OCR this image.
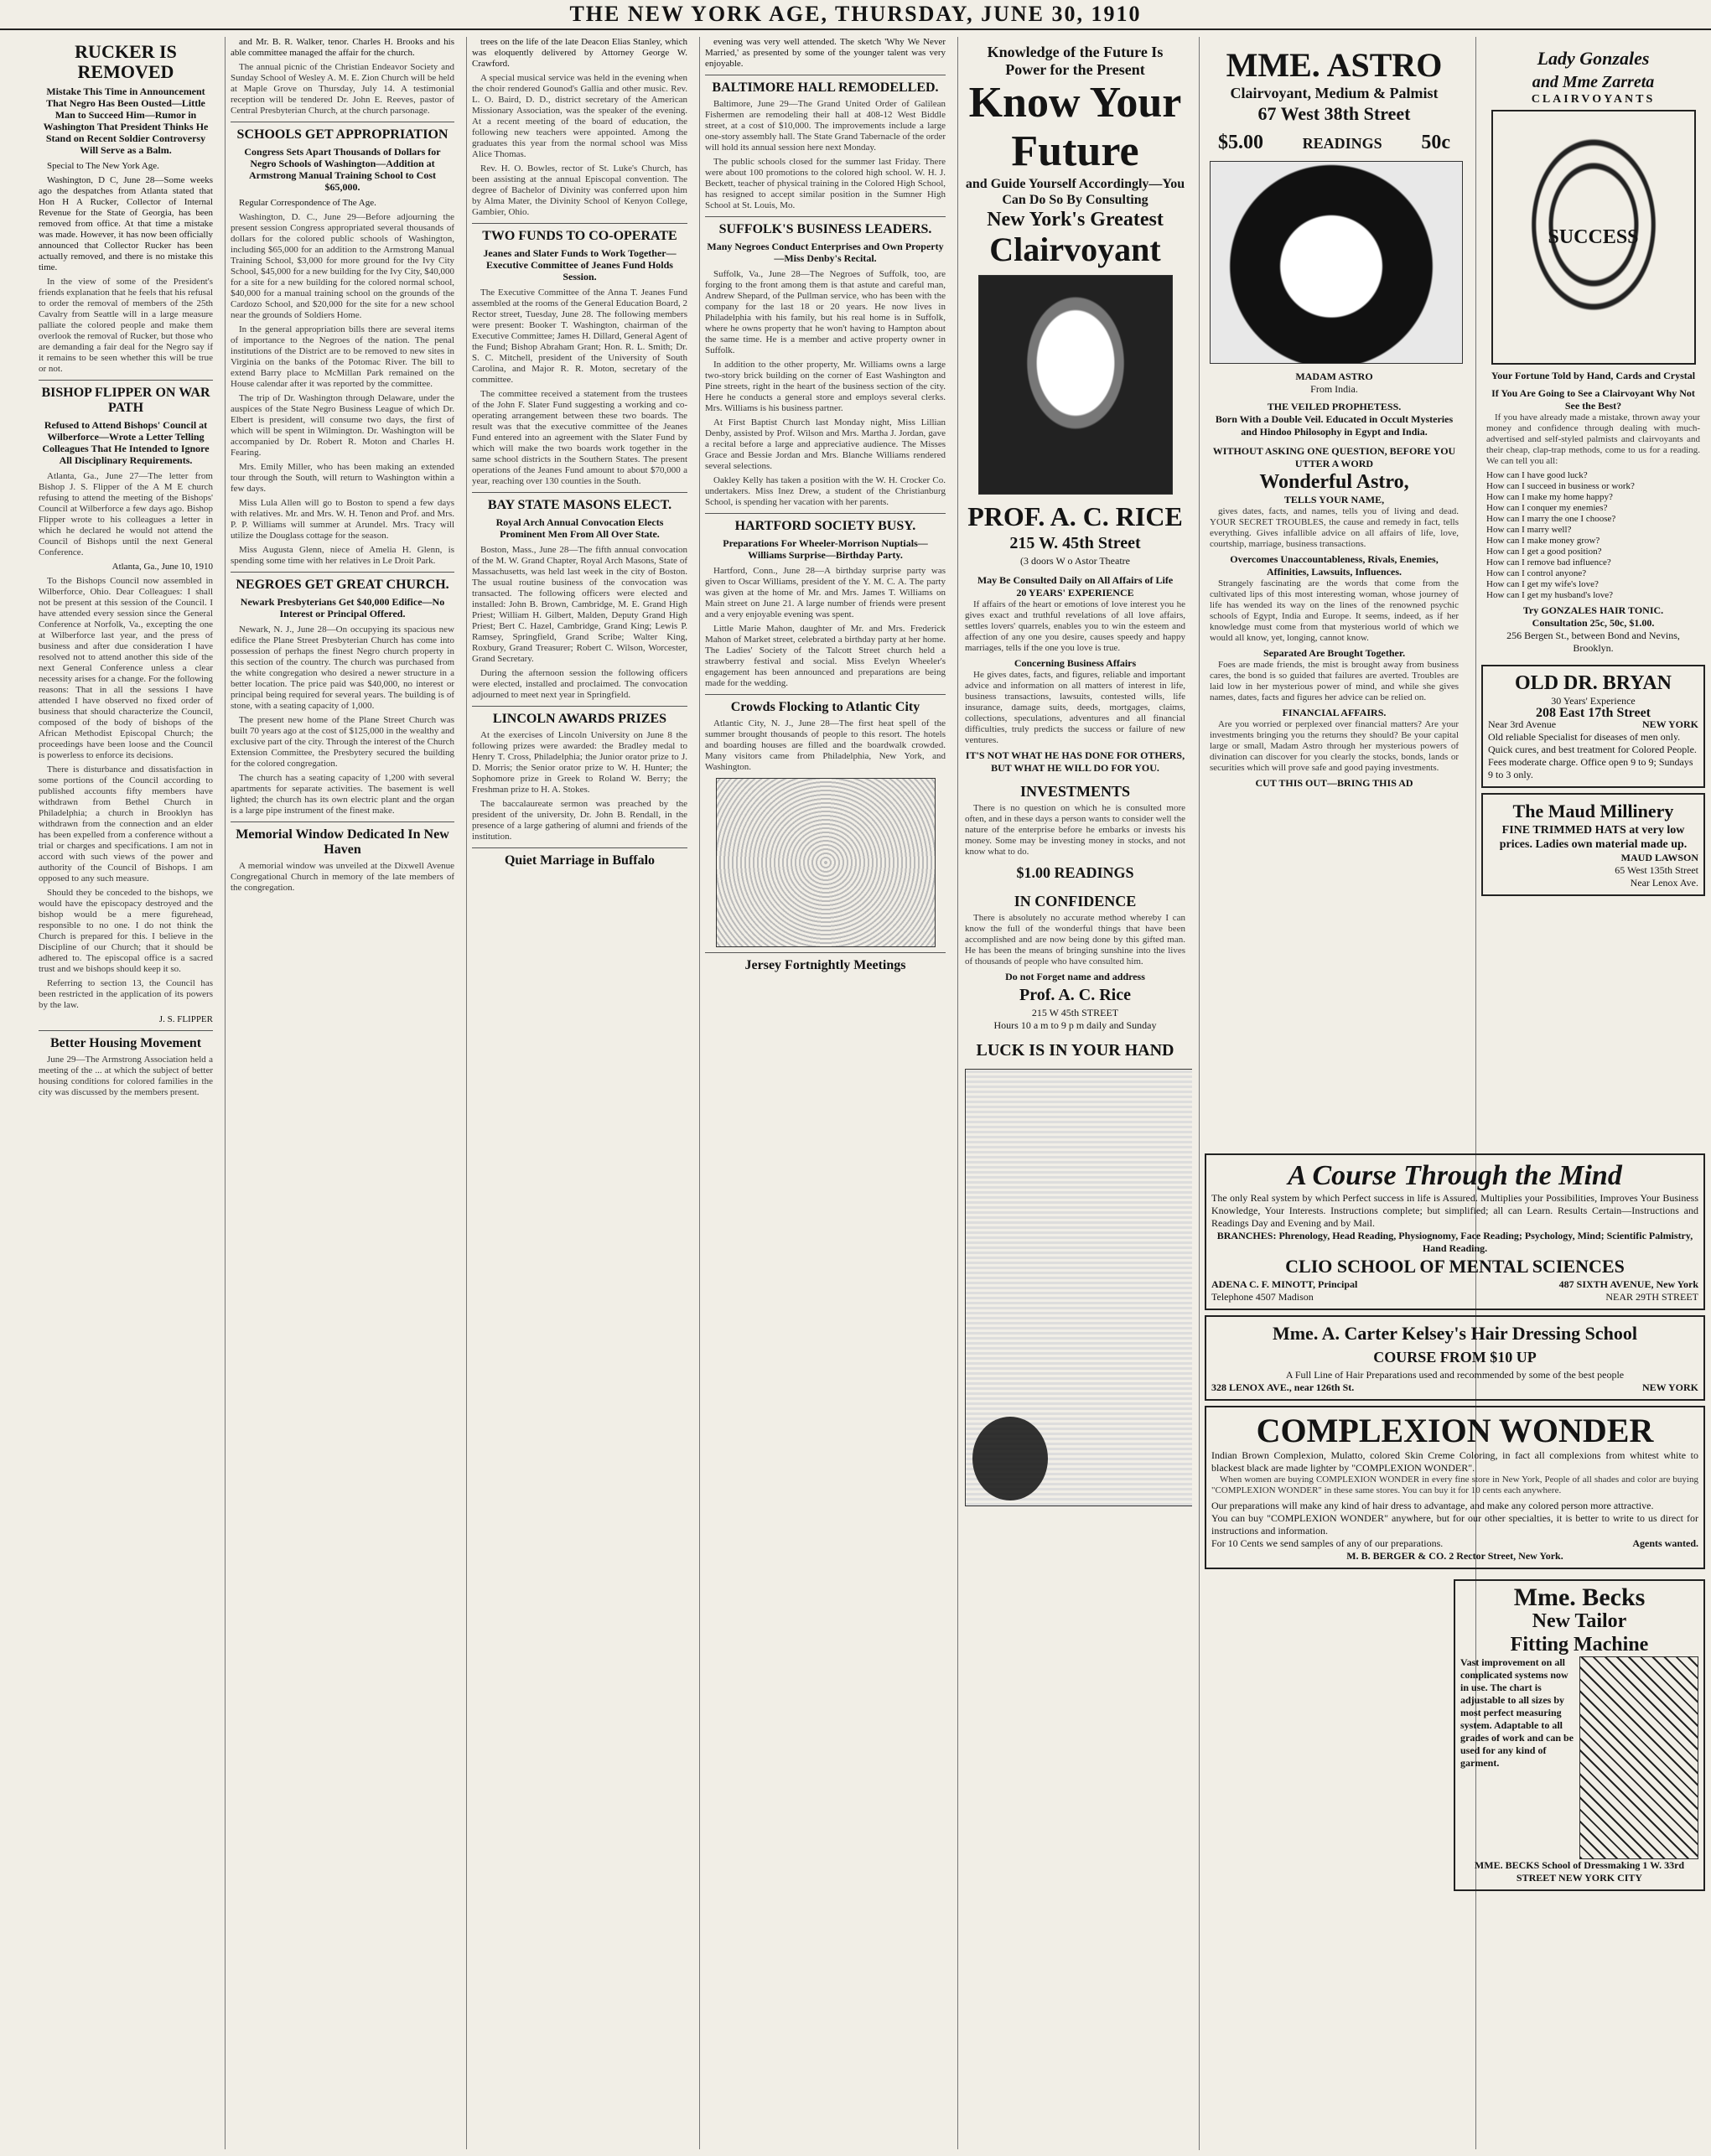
THE NEW YORK AGE, THURSDAY, JUNE 30, 1910
RUCKER IS REMOVED
Mistake This Time in Announcement That Negro Has Been Ousted—Little Man to Succeed Him—Rumor in Washington That President Thinks He Stand on Recent Soldier Controversy Will Serve as a Balm.
Special to The New York Age.
Washington, D C, June 28—Some weeks ago the despatches from Atlanta stated that Hon H A Rucker, Collector of Internal Revenue for the State of Georgia, has been removed from office. At that time a mistake was made. However, it has now been officially announced that Collector Rucker has been actually removed, and there is no mistake this time.
In the view of some of the President's friends explanation that he feels that his refusal to order the removal of members of the 25th Cavalry from Seattle will in a large measure palliate the colored people and make them overlook the removal of Rucker, but those who are demanding a fair deal for the Negro say if it remains to be seen whether this will be true or not.
BISHOP FLIPPER ON WAR PATH
Refused to Attend Bishops' Council at Wilberforce—Wrote a Letter Telling Colleagues That He Intended to Ignore All Disciplinary Requirements.
Atlanta, Ga., June 27—The letter from Bishop J. S. Flipper of the A M E church refusing to attend the meeting of the Bishops' Council at Wilberforce a few days ago. Bishop Flipper wrote to his colleagues a letter in which he declared he would not attend the Council of Bishops until the next General Conference.
Atlanta, Ga., June 10, 1910
To the Bishops Council now assembled in Wilberforce, Ohio. Dear Colleagues: I shall not be present at this session of the Council. I have attended every session since the General Conference at Norfolk, Va., excepting the one at Wilberforce last year, and the press of business and after due consideration I have resolved not to attend another this side of the next General Conference unless a clear necessity arises for a change. For the following reasons: That in all the sessions I have attended I have observed no fixed order of business that should characterize the Council, composed of the body of bishops of the African Methodist Episcopal Church; the proceedings have been loose and the Council is powerless to enforce its decisions.
There is disturbance and dissatisfaction in some portions of the Council according to published accounts fifty members have withdrawn from Bethel Church in Philadelphia; a church in Brooklyn has withdrawn from the connection and an elder has been expelled from a conference without a trial or charges and specifications. I am not in accord with such views of the power and authority of the Council of Bishops. I am opposed to any such measure.
Should they be conceded to the bishops, we would have the episcopacy destroyed and the bishop would be a mere figurehead, responsible to no one. I do not think the Church is prepared for this. I believe in the Discipline of our Church; that it should be adhered to. The episcopal office is a sacred trust and we bishops should keep it so.
Referring to section 13, the Council has been restricted in the application of its powers by the law.
J. S. FLIPPER
Better Housing Movement
June 29—The Armstrong Association held a meeting of the ... at which the subject of better housing conditions for colored families in the city was discussed by the members present.
and Mr. B. R. Walker, tenor. Charles H. Brooks and his able committee managed the affair for the church.
The annual picnic of the Christian Endeavor Society and Sunday School of Wesley A. M. E. Zion Church will be held at Maple Grove on Thursday, July 14. A testimonial reception will be tendered Dr. John E. Reeves, pastor of Central Presbyterian Church, at the church parsonage.
SCHOOLS GET APPROPRIATION
Congress Sets Apart Thousands of Dollars for Negro Schools of Washington—Addition at Armstrong Manual Training School to Cost $65,000.
Regular Correspondence of The Age.
Washington, D. C., June 29—Before adjourning the present session Congress appropriated several thousands of dollars for the colored public schools of Washington, including $65,000 for an addition to the Armstrong Manual Training School, $3,000 for more ground for the Ivy City School, $45,000 for a new building for the Ivy City, $40,000 for a site for a new building for the colored normal school, $40,000 for a manual training school on the grounds of the Cardozo School, and $20,000 for the site for a new school near the grounds of Soldiers Home.
In the general appropriation bills there are several items of importance to the Negroes of the nation. The penal institutions of the District are to be removed to new sites in Virginia on the banks of the Potomac River. The bill to extend Barry place to McMillan Park remained on the House calendar after it was reported by the committee.
The trip of Dr. Washington through Delaware, under the auspices of the State Negro Business League of which Dr. Elbert is president, will consume two days, the first of which will be spent in Wilmington. Dr. Washington will be accompanied by Dr. Robert R. Moton and Charles H. Fearing.
Mrs. Emily Miller, who has been making an extended tour through the South, will return to Washington within a few days.
Miss Lula Allen will go to Boston to spend a few days with relatives. Mr. and Mrs. W. H. Tenon and Prof. and Mrs. P. P. Williams will summer at Arundel. Mrs. Tracy will utilize the Douglass cottage for the season.
Miss Augusta Glenn, niece of Amelia H. Glenn, is spending some time with her relatives in Le Droit Park.
NEGROES GET GREAT CHURCH.
Newark Presbyterians Get $40,000 Edifice—No Interest or Principal Offered.
Newark, N. J., June 28—On occupying its spacious new edifice the Plane Street Presbyterian Church has come into possession of perhaps the finest Negro church property in this section of the country. The church was purchased from the white congregation who desired a newer structure in a better location. The price paid was $40,000, no interest or principal being required for several years. The building is of stone, with a seating capacity of 1,000.
The present new home of the Plane Street Church was built 70 years ago at the cost of $125,000 in the wealthy and exclusive part of the city. Through the interest of the Church Extension Committee, the Presbytery secured the building for the colored congregation.
The church has a seating capacity of 1,200 with several apartments for separate activities. The basement is well lighted; the church has its own electric plant and the organ is a large pipe instrument of the finest make.
Memorial Window Dedicated In New Haven
A memorial window was unveiled at the Dixwell Avenue Congregational Church in memory of the late members of the congregation.
trees on the life of the late Deacon Elias Stanley, which was eloquently delivered by Attorney George W. Crawford.
A special musical service was held in the evening when the choir rendered Gounod's Gallia and other music. Rev. L. O. Baird, D. D., district secretary of the American Missionary Association, was the speaker of the evening. At a recent meeting of the board of education, the following new teachers were appointed. Among the graduates this year from the normal school was Miss Alice Thomas.
Rev. H. O. Bowles, rector of St. Luke's Church, has been assisting at the annual Episcopal convention. The degree of Bachelor of Divinity was conferred upon him by Alma Mater, the Divinity School of Kenyon College, Gambier, Ohio.
TWO FUNDS TO CO-OPERATE
Jeanes and Slater Funds to Work Together—Executive Committee of Jeanes Fund Holds Session.
The Executive Committee of the Anna T. Jeanes Fund assembled at the rooms of the General Education Board, 2 Rector street, Tuesday, June 28. The following members were present: Booker T. Washington, chairman of the Executive Committee; James H. Dillard, General Agent of the Fund; Bishop Abraham Grant; Hon. R. L. Smith; Dr. S. C. Mitchell, president of the University of South Carolina, and Major R. R. Moton, secretary of the committee.
The committee received a statement from the trustees of the John F. Slater Fund suggesting a working and co-operating arrangement between these two boards. The result was that the executive committee of the Jeanes Fund entered into an agreement with the Slater Fund by which will make the two boards work together in the same school districts in the Southern States. The present operations of the Jeanes Fund amount to about $70,000 a year, reaching over 130 counties in the South.
BAY STATE MASONS ELECT.
Royal Arch Annual Convocation Elects Prominent Men From All Over State.
Boston, Mass., June 28—The fifth annual convocation of the M. W. Grand Chapter, Royal Arch Masons, State of Massachusetts, was held last week in the city of Boston. The usual routine business of the convocation was transacted. The following officers were elected and installed: John B. Brown, Cambridge, M. E. Grand High Priest; William H. Gilbert, Malden, Deputy Grand High Priest; Bert C. Hazel, Cambridge, Grand King; Lewis P. Ramsey, Springfield, Grand Scribe; Walter King, Roxbury, Grand Treasurer; Robert C. Wilson, Worcester, Grand Secretary.
During the afternoon session the following officers were elected, installed and proclaimed. The convocation adjourned to meet next year in Springfield.
LINCOLN AWARDS PRIZES
At the exercises of Lincoln University on June 8 the following prizes were awarded: the Bradley medal to Henry T. Cross, Philadelphia; the Junior orator prize to J. D. Morris; the Senior orator prize to W. H. Hunter; the Sophomore prize in Greek to Roland W. Berry; the Freshman prize to H. A. Stokes.
The baccalaureate sermon was preached by the president of the university, Dr. John B. Rendall, in the presence of a large gathering of alumni and friends of the institution.
Quiet Marriage in Buffalo
evening was very well attended. The sketch 'Why We Never Married,' as presented by some of the younger talent was very enjoyable.
BALTIMORE HALL REMODELLED.
Baltimore, June 29—The Grand United Order of Galilean Fishermen are remodeling their hall at 408-12 West Biddle street, at a cost of $10,000. The improvements include a large one-story assembly hall. The State Grand Tabernacle of the order will hold its annual session here next Monday.
The public schools closed for the summer last Friday. There were about 100 promotions to the colored high school. W. H. J. Beckett, teacher of physical training in the Colored High School, has resigned to accept similar position in the Sumner High School at St. Louis, Mo.
SUFFOLK'S BUSINESS LEADERS.
Many Negroes Conduct Enterprises and Own Property—Miss Denby's Recital.
Suffolk, Va., June 28—The Negroes of Suffolk, too, are forging to the front among them is that astute and careful man, Andrew Shepard, of the Pullman service, who has been with the company for the last 18 or 20 years. He now lives in Philadelphia with his family, but his real home is in Suffolk, where he owns property that he won't having to Hampton about the same time. He is a member and active property owner in Suffolk.
In addition to the other property, Mr. Williams owns a large two-story brick building on the corner of East Washington and Pine streets, right in the heart of the business section of the city. Here he conducts a general store and employs several clerks. Mrs. Williams is his business partner.
At First Baptist Church last Monday night, Miss Lillian Denby, assisted by Prof. Wilson and Mrs. Martha J. Jordan, gave a recital before a large and appreciative audience. The Misses Grace and Bessie Jordan and Mrs. Blanche Williams rendered several selections.
Oakley Kelly has taken a position with the W. H. Crocker Co. undertakers. Miss Inez Drew, a student of the Christianburg School, is spending her vacation with her parents.
HARTFORD SOCIETY BUSY.
Preparations For Wheeler-Morrison Nuptials—Williams Surprise—Birthday Party.
Hartford, Conn., June 28—A birthday surprise party was given to Oscar Williams, president of the Y. M. C. A. The party was given at the home of Mr. and Mrs. James T. Williams on Main street on June 21. A large number of friends were present and a very enjoyable evening was spent.
Little Marie Mahon, daughter of Mr. and Mrs. Frederick Mahon of Market street, celebrated a birthday party at her home. The Ladies' Society of the Talcott Street church held a strawberry festival and social. Miss Evelyn Wheeler's engagement has been announced and preparations are being made for the wedding.
Crowds Flocking to Atlantic City
Atlantic City, N. J., June 28—The first heat spell of the summer brought thousands of people to this resort. The hotels and boarding houses are filled and the boardwalk crowded. Many visitors came from Philadelphia, New York, and Washington.
Jersey Fortnightly Meetings
Knowledge of the Future Is Power for the Present
Know Your
Future
and Guide Yourself Accordingly—You Can Do So By Consulting
New York's Greatest
Clairvoyant
PROF. A. C. RICE
215 W. 45th Street
(3 doors W o Astor Theatre
May Be Consulted Daily on All Affairs of Life
20 YEARS' EXPERIENCE
If affairs of the heart or emotions of love interest you he gives exact and truthful revelations of all love affairs, settles lovers' quarrels, enables you to win the esteem and affection of any one you desire, causes speedy and happy marriages, tells if the one you love is true.
Concerning Business Affairs
He gives dates, facts, and figures, reliable and important advice and information on all matters of interest in life, business transactions, lawsuits, contested wills, life insurance, damage suits, deeds, mortgages, claims, collections, speculations, adventures and all financial difficulties, truly predicts the success or failure of new ventures.
IT'S NOT WHAT HE HAS DONE FOR OTHERS, BUT WHAT HE WILL DO FOR YOU.
INVESTMENTS
There is no question on which he is consulted more often, and in these days a person wants to consider well the nature of the enterprise before he embarks or invests his money. Some may be investing money in stocks, and not know what to do.
$1.00 READINGS
IN CONFIDENCE
There is absolutely no accurate method whereby I can know the full of the wonderful things that have been accomplished and are now being done by this gifted man. He has been the means of bringing sunshine into the lives of thousands of people who have consulted him.
Do not Forget name and address
Prof. A. C. Rice
215 W 45th STREET
Hours 10 a m to 9 p m daily and Sunday
LUCK IS IN YOUR HAND
MME. ASTRO
Clairvoyant, Medium & Palmist
67 West 38th Street
$5.00	READINGS 50c
MADAM ASTRO
From India.
THE VEILED PROPHETESS.
Born With a Double Veil. Educated in Occult Mysteries and Hindoo Philosophy in Egypt and India.
WITHOUT ASKING ONE QUESTION, BEFORE YOU UTTER A WORD
Wonderful Astro,
TELLS YOUR NAME,
gives dates, facts, and names, tells you of living and dead. YOUR SECRET TROUBLES, the cause and remedy in fact, tells everything. Gives infallible advice on all affairs of life, love, courtship, marriage, business transactions.
Overcomes Unaccountableness, Rivals, Enemies, Affinities, Lawsuits, Influences.
Strangely fascinating are the words that come from the cultivated lips of this most interesting woman, whose journey of life has wended its way on the lines of the renowned psychic schools of Egypt, India and Europe. It seems, indeed, as if her knowledge must come from that mysterious world of which we would all know, yet, longing, cannot know.
Separated Are Brought Together.
Foes are made friends, the mist is brought away from business cares, the bond is so guided that failures are averted. Troubles are laid low in her mysterious power of mind, and while she gives names, dates, facts and figures her advice can be relied on.
FINANCIAL AFFAIRS.
Are you worried or perplexed over financial matters? Are your investments bringing you the returns they should? Be your capital large or small, Madam Astro through her mysterious powers of divination can discover for you clearly the stocks, bonds, lands or securities which will prove safe and good paying investments.
CUT THIS OUT—BRING THIS AD
Lady Gonzales
and Mme Zarreta
CLAIRVOYANTS
SUCCESS
Your Fortune Told by Hand, Cards and Crystal
If You Are Going to See a Clairvoyant Why Not See the Best?
If you have already made a mistake, thrown away your money and confidence through dealing with much-advertised and self-styled palmists and clairvoyants and their cheap, clap-trap methods, come to us for a reading. We can tell you all:
How can I have good luck?
How can I succeed in business or work?
How can I make my home happy?
How can I conquer my enemies?
How can I marry the one I choose?
How can I marry well?
How can I make money grow?
How can I get a good position?
How can I remove bad influence?
How can I control anyone?
How can I get my wife's love?
How can I get my husband's love?
Try GONZALES HAIR TONIC.
Consultation 25c, 50c, $1.00.
256 Bergen St., between Bond and Nevins, Brooklyn.
OLD DR. BRYAN
30 Years' Experience
208 East 17th Street
Near 3rd Avenue	NEW YORK
Old reliable Specialist for diseases of men only. Quick cures, and best treatment for Colored People. Fees moderate charge. Office open 9 to 9; Sundays 9 to 3 only.
The Maud Millinery
FINE TRIMMED HATS at very low prices. Ladies own material made up.
MAUD LAWSON
65 West 135th Street
Near Lenox Ave.
A Course Through the Mind
The only Real system by which Perfect success in life is Assured. Multiplies your Possibilities, Improves Your Business Knowledge, Your Interests. Instructions complete; but simplified; all can Learn. Results Certain—Instructions and Readings Day and Evening and by Mail.
BRANCHES: Phrenology, Head Reading, Physiognomy, Face Reading; Psychology, Mind; Scientific Palmistry, Hand Reading.
CLIO SCHOOL OF MENTAL SCIENCES
ADENA C. F. MINOTT, Principal	487 SIXTH AVENUE, New York
Telephone 4507 Madison	NEAR 29TH STREET
Mme. A. Carter Kelsey's Hair Dressing School
COURSE FROM $10 UP
A Full Line of Hair Preparations used and recommended by some of the best people
328 LENOX AVE., near 126th St.	NEW YORK
COMPLEXION WONDER
Indian Brown Complexion, Mulatto, colored Skin Creme Coloring, in fact all complexions from whitest white to blackest black are made lighter by "COMPLEXION WONDER".
When women are buying COMPLEXION WONDER in every fine store in New York, People of all shades and color are buying "COMPLEXION WONDER" in these same stores. You can buy it for 10 cents each anywhere.
Our preparations will make any kind of hair dress to advantage, and make any colored person more attractive.
You can buy "COMPLEXION WONDER" anywhere, but for our other specialties, it is better to write to us direct for instructions and information.
For 10 Cents we send samples of any of our preparations.	Agents wanted.
M. B. BERGER & CO. 2 Rector Street, New York.
Mme. Becks
New Tailor
Fitting Machine
Vast improvement on all complicated systems now in use. The chart is adjustable to all sizes by most perfect measuring system. Adaptable to all grades of work and can be used for any kind of garment.
MME. BECKS School of Dressmaking 1 W. 33rd STREET NEW YORK CITY
